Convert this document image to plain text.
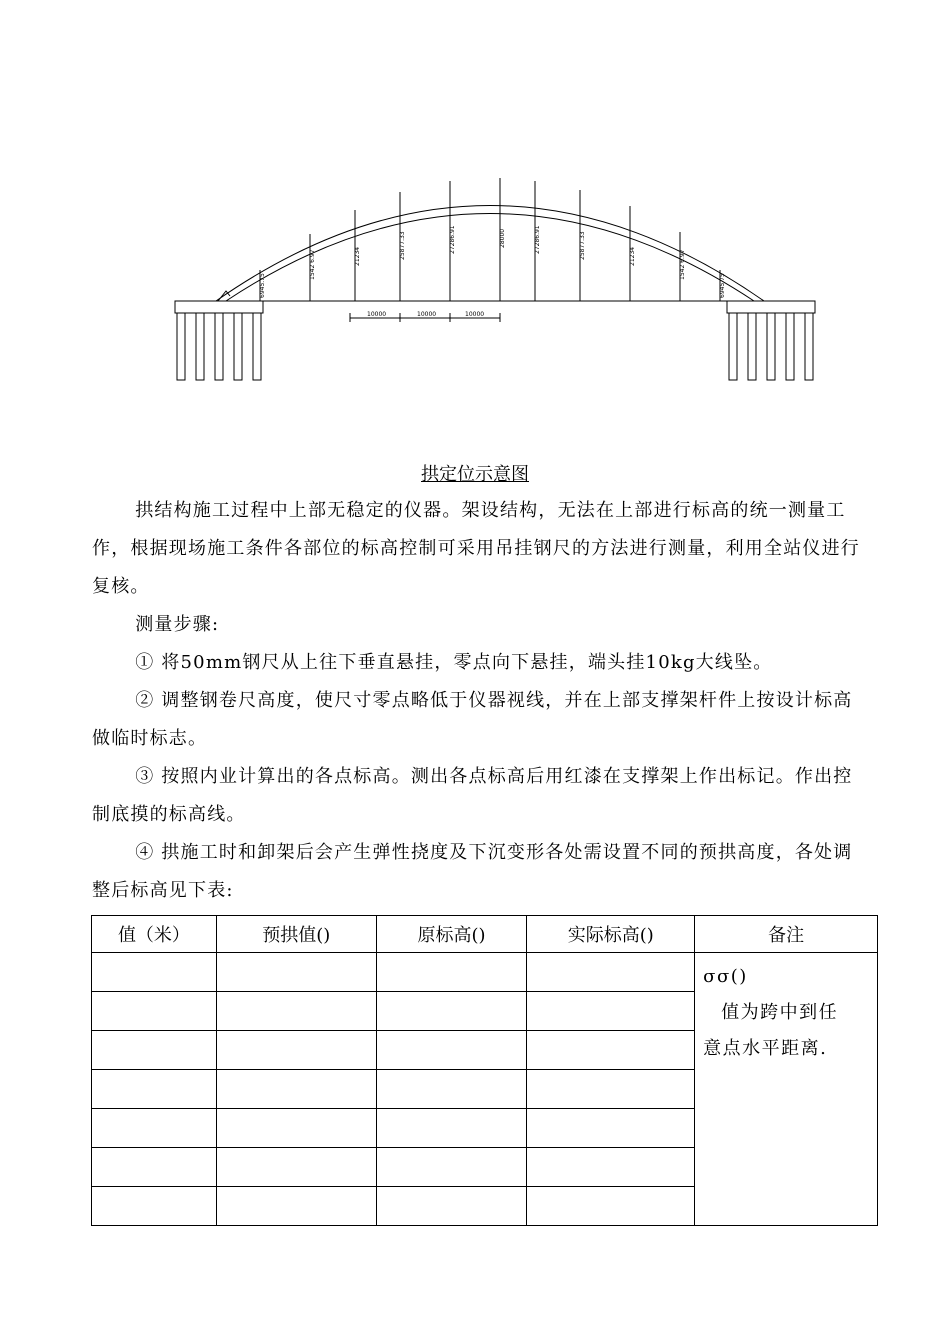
6945.75
1542 6.97	21234	25877.33	27286.91	28000	27286.91	25877.33	21234	1542 6.97
6945.75
10000	10000	10000
拱定位示意图

拱结构施工过程中上部无稳定的仪器。架设结构，无法在上部进行标高的统一测量工作，根据现场施工条件各部位的标高控制可采用吊挂钢尺的方法进行测量，利用全站仪进行复核。

测量步骤:

① 将50mm钢尺从上往下垂直悬挂，零点向下悬挂，端头挂10kg大线坠。

② 调整钢卷尺高度，使尺寸零点略低于仪器视线，并在上部支撑架杆件上按设计标高做临时标志。

③ 按照内业计算出的各点标高。测出各点标高后用红漆在支撑架上作出标记。作出控制底摸的标高线。

④ 拱施工时和卸架后会产生弹性挠度及下沉变形各处需设置不同的预拱高度，各处调整后标高见下表:

值（米）	预拱值()	原标高()	实际标高()	备注

				σσ()
值为跨中到任
意点水平距离.
